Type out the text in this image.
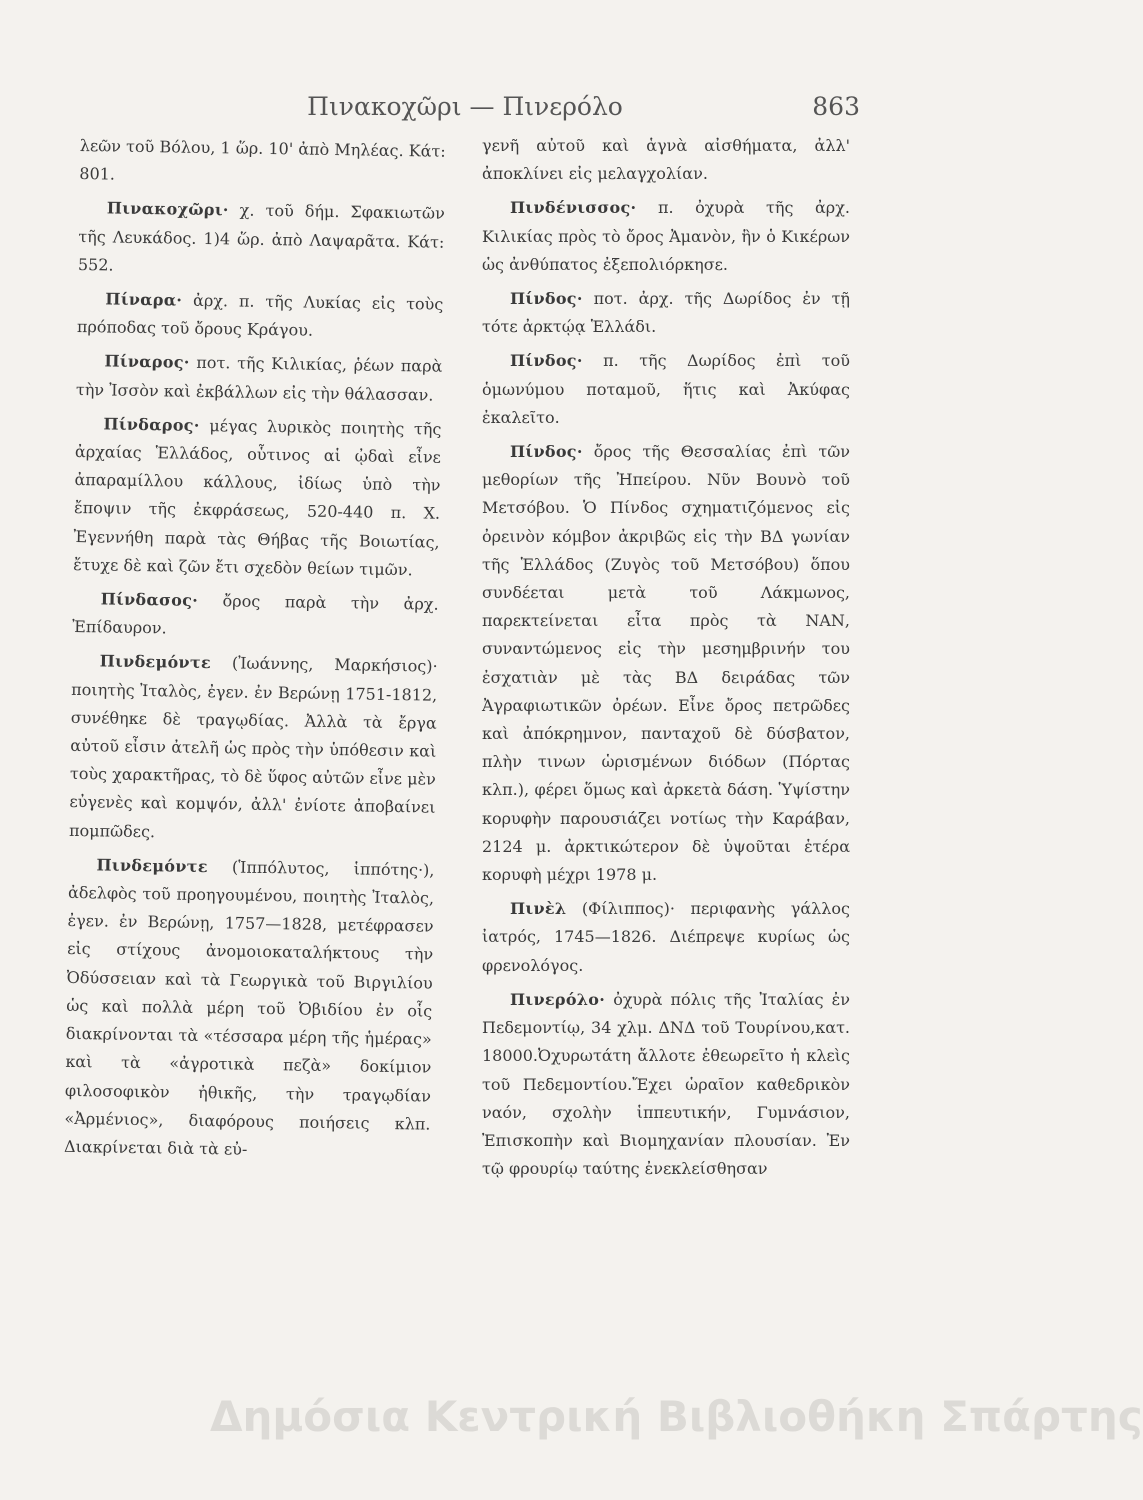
Πινακοχῶρι — Πινερόλο	863

λεῶν τοῦ Βόλου, 1 ὥρ. 10' ἀπὸ Μηλέας. Κάτ: 801.

Πινακοχῶρι· χ. τοῦ δήμ. Σφακιωτῶν τῆς Λευκάδος. 1)4 ὥρ. ἀπὸ Λαψαρᾶτα. Κάτ: 552.

Πίναρα· ἀρχ. π. τῆς Λυκίας εἰς τοὺς πρόποδας τοῦ ὄρους Κράγου.

Πίναρος· ποτ. τῆς Κιλικίας, ῥέων παρὰ τὴν Ἰσσὸν καὶ ἐκβάλλων εἰς τὴν θάλασσαν.

Πίνδαρος· μέγας λυρικὸς ποιητὴς τῆς ἀρχαίας Ἑλλάδος, οὗτινος αἱ ᾠδαὶ εἶνε ἀπαραμίλλου κάλλους, ἰδίως ὑπὸ τὴν ἔποψιν τῆς ἐκφράσεως, 520-440 π. Χ. Ἐγεννήθη παρὰ τὰς Θήβας τῆς Βοιωτίας, ἔτυχε δὲ καὶ ζῶν ἔτι σχεδὸν θείων τιμῶν.

Πίνδασος· ὄρος παρὰ τὴν ἀρχ. Ἐπίδαυρον.

Πινδεμόντε (Ἰωάννης, Μαρκήσιος)· ποιητὴς Ἰταλὸς, ἐγεν. ἐν Βερώνῃ 1751-1812, συνέθηκε δὲ τραγῳδίας. Ἀλλὰ τὰ ἔργα αὐτοῦ εἶσιν ἀτελῆ ὡς πρὸς τὴν ὑπόθεσιν καὶ τοὺς χαρακτῆρας, τὸ δὲ ὕφος αὐτῶν εἶνε μὲν εὐγενὲς καὶ κομψόν, ἀλλ' ἐνίοτε ἀποβαίνει πομπῶδες.

Πινδεμόντε (Ἱππόλυτος, ἱππότης·), ἀδελφὸς τοῦ προηγουμένου, ποιητὴς Ἰταλὸς, ἐγεν. ἐν Βερώνῃ, 1757—1828, μετέφρασεν εἰς στίχους ἀνομοιοκαταλήκτους τὴν Ὀδύσσειαν καὶ τὰ Γεωργικὰ τοῦ Βιργιλίου ὡς καὶ πολλὰ μέρη τοῦ Ὀβιδίου ἐν οἷς διακρίνονται τὰ «τέσσαρα μέρη τῆς ἡμέρας» καὶ τὰ «ἀγροτικὰ πεζὰ» δοκίμιον φιλοσοφικὸν ἠθικῆς, τὴν τραγῳδίαν «Ἀρμένιος», διαφόρους ποιήσεις κλπ. Διακρίνεται διὰ τὰ εὐ-

γενῆ αὐτοῦ καὶ ἁγνὰ αἰσθήματα, ἀλλ' ἀποκλίνει εἰς μελαγχολίαν.

Πινδένισσος· π. ὀχυρὰ τῆς ἀρχ. Κιλικίας πρὸς τὸ ὄρος Ἀμανὸν, ἣν ὁ Κικέρων ὡς ἀνθύπατος ἐξεπολιόρκησε.

Πίνδος· ποτ. ἀρχ. τῆς Δωρίδος ἐν τῇ τότε ἀρκτῴᾳ Ἑλλάδι.

Πίνδος· π. τῆς Δωρίδος ἐπὶ τοῦ ὁμωνύμου ποταμοῦ, ἥτις καὶ Ἀκύφας ἐκαλεῖτο.

Πίνδος· ὄρος τῆς Θεσσαλίας ἐπὶ τῶν μεθορίων τῆς Ἠπείρου. Νῦν Βουνὸ τοῦ Μετσόβου. Ὁ Πίνδος σχηματιζόμενος εἰς ὀρεινὸν κόμβον ἀκριβῶς εἰς τὴν ΒΔ γωνίαν τῆς Ἑλλάδος (Ζυγὸς τοῦ Μετσόβου) ὅπου συνδέεται μετὰ τοῦ Λάκμωνος, παρεκτείνεται εἶτα πρὸς τὰ ΝΑΝ, συναντώμενος εἰς τὴν μεσημβρινήν του ἐσχατιὰν μὲ τὰς ΒΔ δειράδας τῶν Ἀγραφιωτικῶν ὀρέων. Εἶνε ὄρος πετρῶδες καὶ ἀπόκρημνον, πανταχοῦ δὲ δύσβατον, πλὴν τινων ὡρισμένων διόδων (Πόρτας κλπ.), φέρει ὅμως καὶ ἀρκετὰ δάση. Ὑψίστην κορυφὴν παρουσιάζει νοτίως τὴν Καράβαν, 2124 μ. ἀρκτικώτερον δὲ ὑψοῦται ἑτέρα κορυφὴ μέχρι 1978 μ.

Πινὲλ (Φίλιππος)· περιφανὴς γάλλος ἰατρός, 1745—1826. Διέπρεψε κυρίως ὡς φρενολόγος.

Πινερόλο· ὀχυρὰ πόλις τῆς Ἰταλίας ἐν Πεδεμοντίῳ, 34 χλμ. ΔΝΔ τοῦ Τουρίνου,κατ. 18000.Ὀχυρωτάτη ἄλλοτε ἐθεωρεῖτο ἡ κλεὶς τοῦ Πεδεμοντίου.Ἔχει ὡραῖον καθεδρικὸν ναόν, σχολὴν ἱππευτικήν, Γυμνάσιον, Ἐπισκοπὴν καὶ Βιομηχανίαν πλουσίαν. Ἐν τῷ φρουρίῳ ταύτης ἐνεκλείσθησαν

Δημόσια Κεντρική Βιβλιοθήκη Σπάρτης
